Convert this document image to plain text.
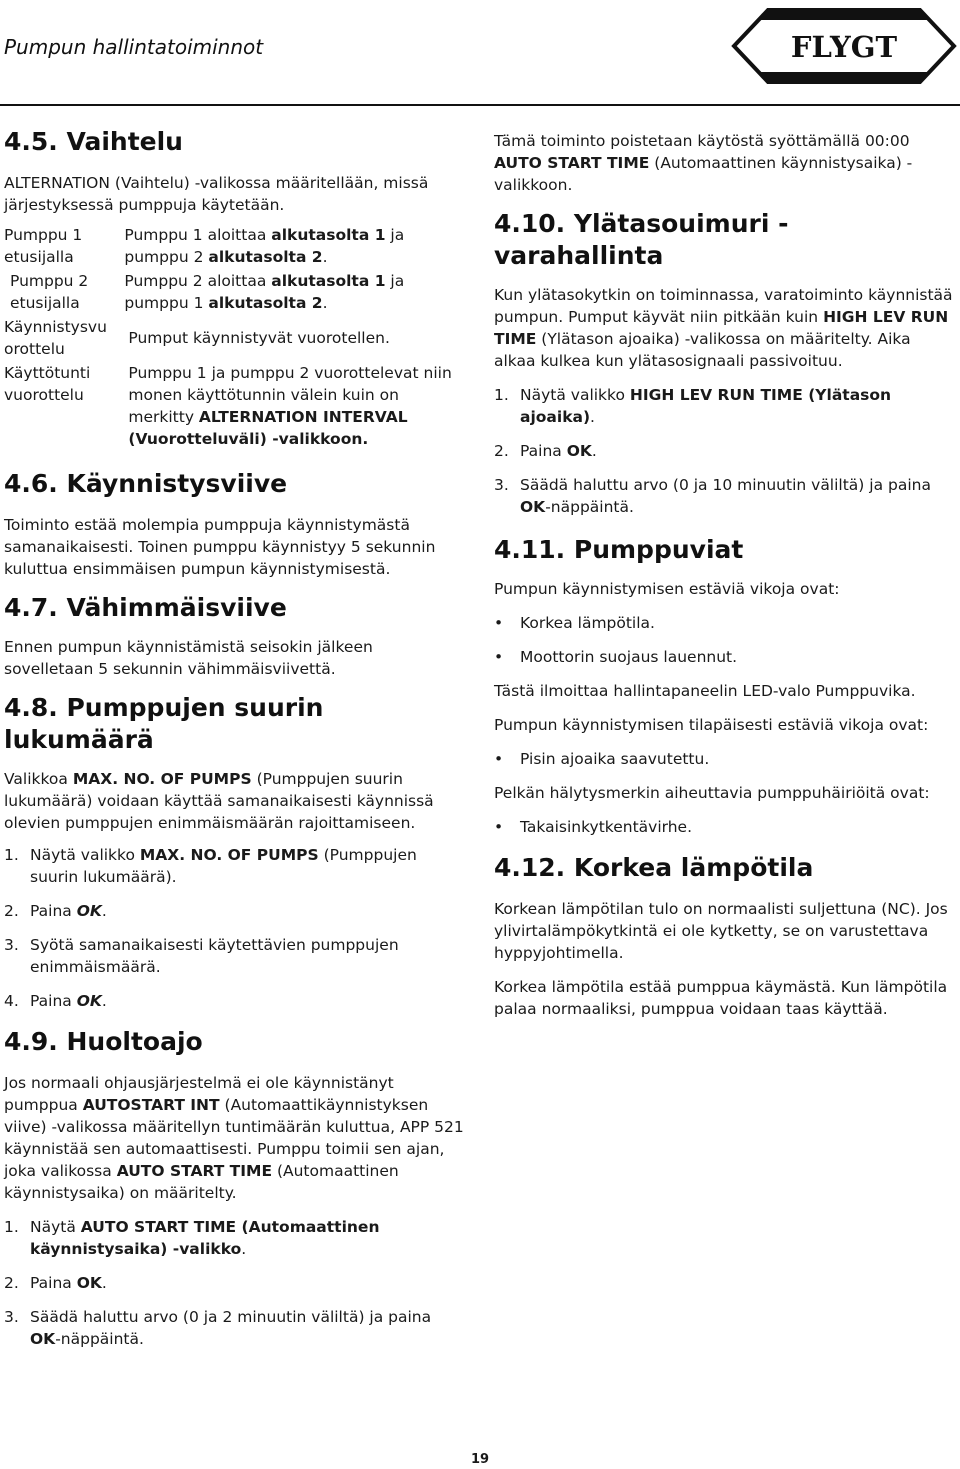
Pumpun hallintatoiminnot	FLYGT
4.5. Vaihtelu

ALTERNATION (Vaihtelu) -valikossa määritellään, missä järjestyksessä pumppuja käytetään.

Pumppu 1 etusijalla	Pumppu 1 aloittaa alkutasolta 1 ja pumppu 2 alkutasolta 2.
Pumppu 2 etusijalla	Pumppu 2 aloittaa alkutasolta 1 ja pumppu 1 alkutasolta 2.
Käynnistysvuorottelu	Pumput käynnistyvät vuorotellen.
Käyttötunti vuorottelu	Pumppu 1 ja pumppu 2 vuorottelevat niin monen käyttötunnin välein kuin on merkitty ALTERNATION INTERVAL (Vuorotteluväli) -valikkoon.
4.6. Käynnistysviive

Toiminto estää molempia pumppuja käynnistymästä samanaikaisesti. Toinen pumppu käynnistyy 5 sekunnin kuluttua ensimmäisen pumpun käynnistymisestä.

4.7. Vähimmäisviive

Ennen pumpun käynnistämistä seisokin jälkeen sovelletaan 5 sekunnin vähimmäisviivettä.

4.8. Pumppujen suurin lukumäärä

Valikkoa MAX. NO. OF PUMPS (Pumppujen suurin lukumäärä) voidaan käyttää samanaikaisesti käynnissä olevien pumppujen enimmäismäärän rajoittamiseen.

1. Näytä valikko MAX. NO. OF PUMPS (Pumppujen suurin lukumäärä).
2. Paina OK.
3. Syötä samanaikaisesti käytettävien pumppujen enimmäismäärä.
4. Paina OK.
4.9. Huoltoajo

Jos normaali ohjausjärjestelmä ei ole käynnistänyt pumppua AUTOSTART INT (Automaattikäynnistyksen viive) -valikossa määritellyn tuntimäärän kuluttua, APP 521 käynnistää sen automaattisesti. Pumppu toimii sen ajan, joka valikossa AUTO START TIME (Automaattinen käynnistysaika) on määritelty.

1. Näytä AUTO START TIME (Automaattinen käynnistysaika) -valikko.
2. Paina OK.
3. Säädä haluttu arvo (0 ja 2 minuutin väliltä) ja paina OK-näppäintä.

Tämä toiminto poistetaan käytöstä syöttämällä 00:00 AUTO START TIME (Automaattinen käynnistysaika) -valikkoon.

4.10. Ylätasouimuri - varahallinta

Kun ylätasokytkin on toiminnassa, varatoiminto käynnistää pumpun. Pumput käyvät niin pitkään kuin HIGH LEV RUN TIME (Ylätason ajoaika) -valikossa on määritelty. Aika alkaa kulkea kun ylätasosignaali passivoituu.

1. Näytä valikko HIGH LEV RUN TIME (Ylätason ajoaika).
2. Paina OK.
3. Säädä haluttu arvo (0 ja 10 minuutin väliltä) ja paina OK-näppäintä.
4.11. Pumppuviat

Pumpun käynnistymisen estäviä vikoja ovat:

• Korkea lämpötila.
• Moottorin suojaus lauennut.

Tästä ilmoittaa hallintapaneelin LED-valo Pumppuvika.

Pumpun käynnistymisen tilapäisesti estäviä vikoja ovat:

• Pisin ajoaika saavutettu.

Pelkän hälytysmerkin aiheuttavia pumppuhäiriöitä ovat:

• Takaisinkytkentävirhe.
4.12. Korkea lämpötila

Korkean lämpötilan tulo on normaalisti suljettuna (NC). Jos ylivirtalämpökytkintä ei ole kytketty, se on varustettava hyppyjohtimella.

Korkea lämpötila estää pumppua käymästä. Kun lämpötila palaa normaaliksi, pumppua voidaan taas käyttää.

19
